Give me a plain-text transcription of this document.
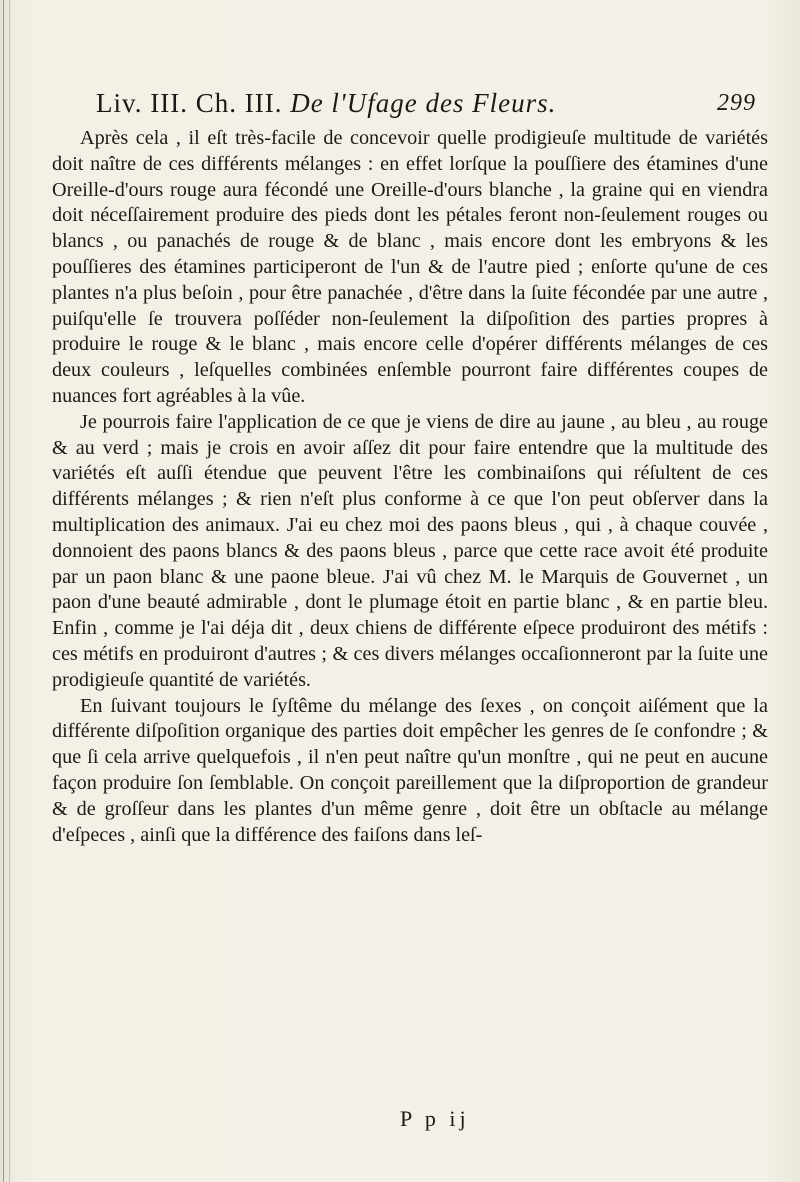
Liv. III. Ch. III. De l'Ufage des Fleurs.	299

Après cela , il eſt très-facile de concevoir quelle prodigieuſe multitude de variétés doit naître de ces différents mélanges : en effet lorſque la pouſſiere des étamines d'une Oreille-d'ours rouge aura fécondé une Oreille-d'ours blanche , la graine qui en viendra doit néceſſairement produire des pieds dont les pétales feront non-ſeulement rouges ou blancs , ou panachés de rouge & de blanc , mais encore dont les embryons & les pouſſieres des étamines participeront de l'un & de l'autre pied ; enſorte qu'une de ces plantes n'a plus beſoin , pour être panachée , d'être dans la ſuite fécondée par une autre , puiſqu'elle ſe trouvera poſſéder non-ſeulement la diſpoſition des parties propres à produire le rouge & le blanc , mais encore celle d'opérer différents mélanges de ces deux couleurs , leſquelles combinées enſemble pourront faire différentes coupes de nuances fort agréables à la vûe.

Je pourrois faire l'application de ce que je viens de dire au jaune , au bleu , au rouge & au verd ; mais je crois en avoir aſſez dit pour faire entendre que la multitude des variétés eſt auſſi étendue que peuvent l'être les combinaiſons qui réſultent de ces différents mélanges ; & rien n'eſt plus conforme à ce que l'on peut obſerver dans la multiplication des animaux. J'ai eu chez moi des paons bleus , qui , à chaque couvée , donnoient des paons blancs & des paons bleus , parce que cette race avoit été produite par un paon blanc & une paone bleue. J'ai vû chez M. le Marquis de Gouvernet , un paon d'une beauté admirable , dont le plumage étoit en partie blanc , & en partie bleu. Enfin , comme je l'ai déja dit , deux chiens de différente eſpece produiront des métifs : ces métifs en produiront d'autres ; & ces divers mélanges occaſionneront par la ſuite une prodigieuſe quantité de variétés.

En ſuivant toujours le ſyſtême du mélange des ſexes , on conçoit aiſément que la différente diſpoſition organique des parties doit empêcher les genres de ſe confondre ; & que ſi cela arrive quelquefois , il n'en peut naître qu'un monſtre , qui ne peut en aucune façon produire ſon ſemblable. On conçoit pareillement que la diſproportion de grandeur & de groſſeur dans les plantes d'un même genre , doit être un obſtacle au mélange d'eſpeces , ainſi que la différence des faiſons dans leſ-

P p ij
